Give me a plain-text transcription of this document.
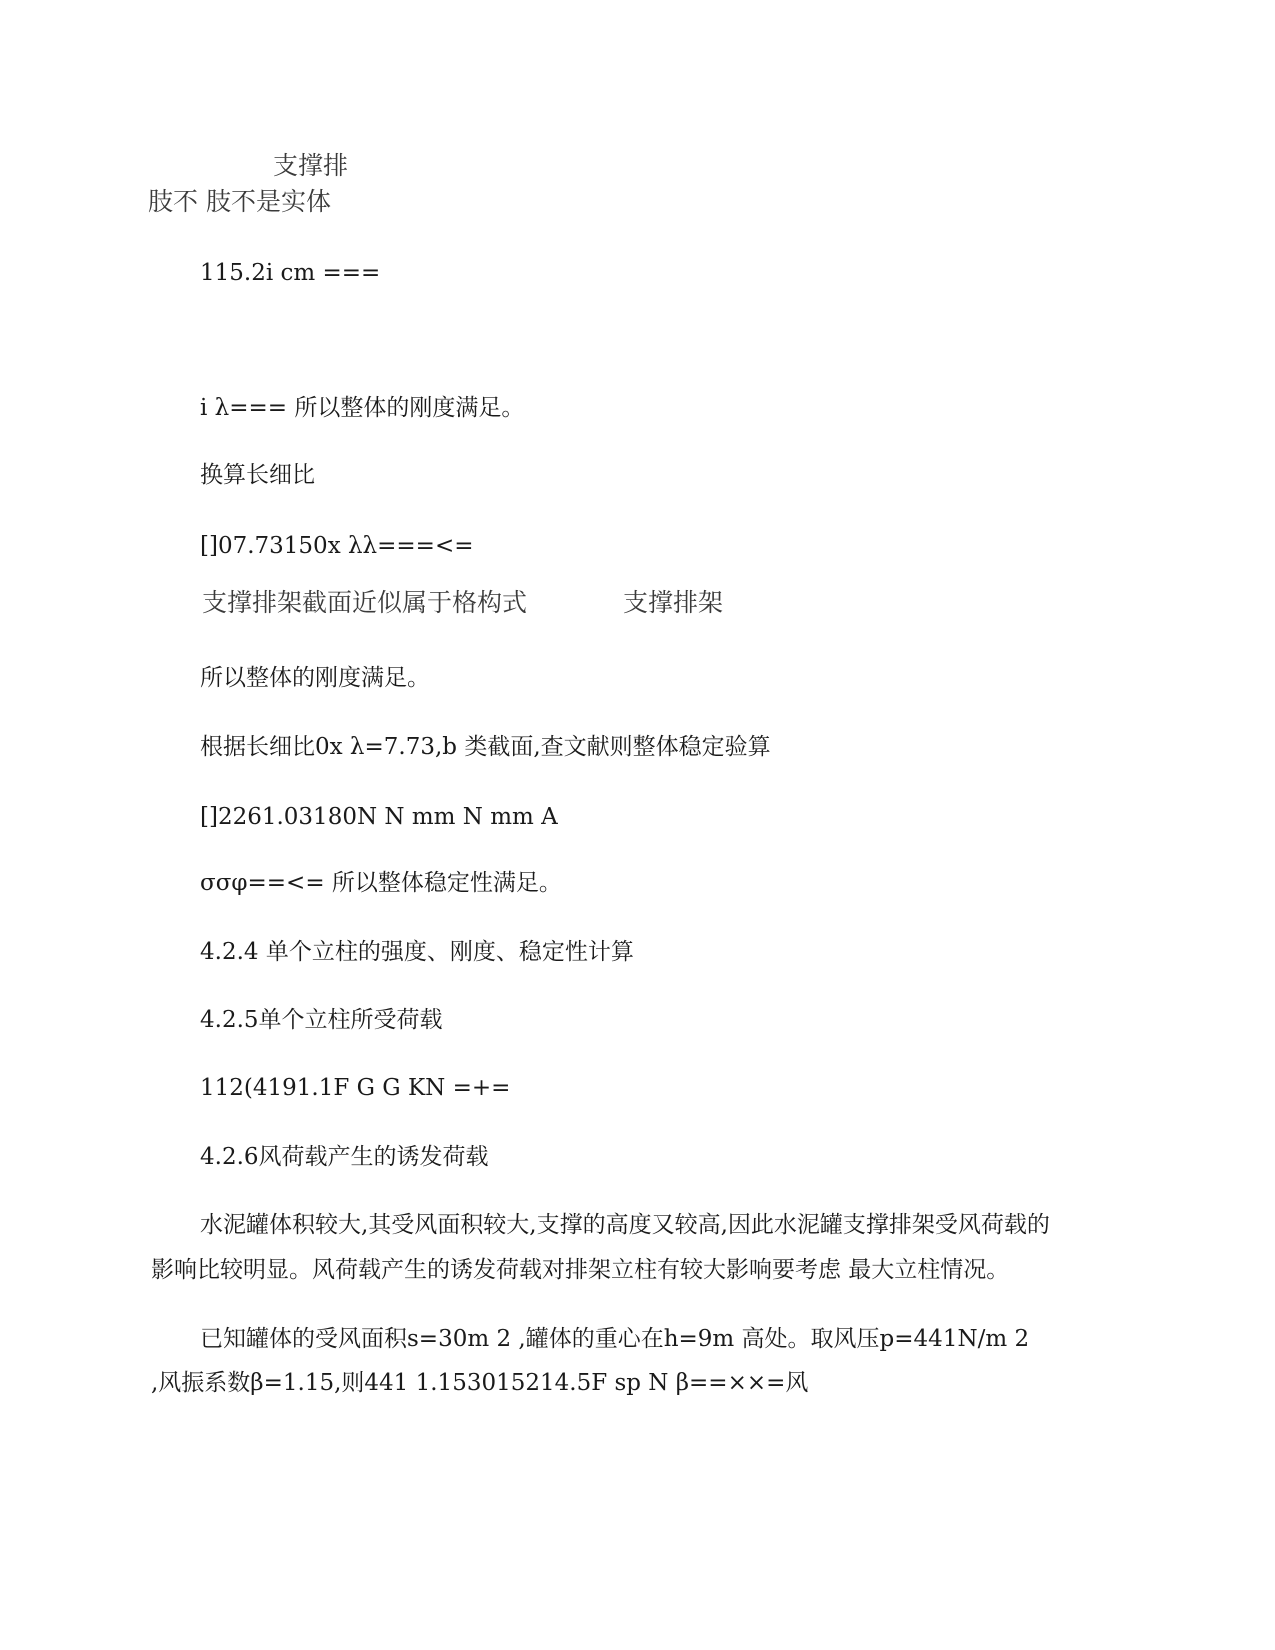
支撑排
肢不 肢不是实体
115.2i cm ===
i λ=== 所以整体的刚度满足。
换算长细比
[]07.73150x λλ===<=
支撑排架截面近似属于格构式	支撑排架
所以整体的刚度满足。
根据长细比0x λ=7.73,b 类截面,查文献则整体稳定验算
[]2261.03180N N mm N mm A
σσφ==<= 所以整体稳定性满足。
4.2.4 单个立柱的强度、刚度、稳定性计算
4.2.5单个立柱所受荷载
112(4191.1F G G KN =+=
4.2.6风荷载产生的诱发荷载
水泥罐体积较大,其受风面积较大,支撑的高度又较高,因此水泥罐支撑排架受风荷载的
影响比较明显。风荷载产生的诱发荷载对排架立柱有较大影响要考虑 最大立柱情况。
已知罐体的受风面积s=30m 2 ,罐体的重心在h=9m 高处。取风压p=441N/m 2
,风振系数β=1.15,则441 1.153015214.5F sp N β==××=风
